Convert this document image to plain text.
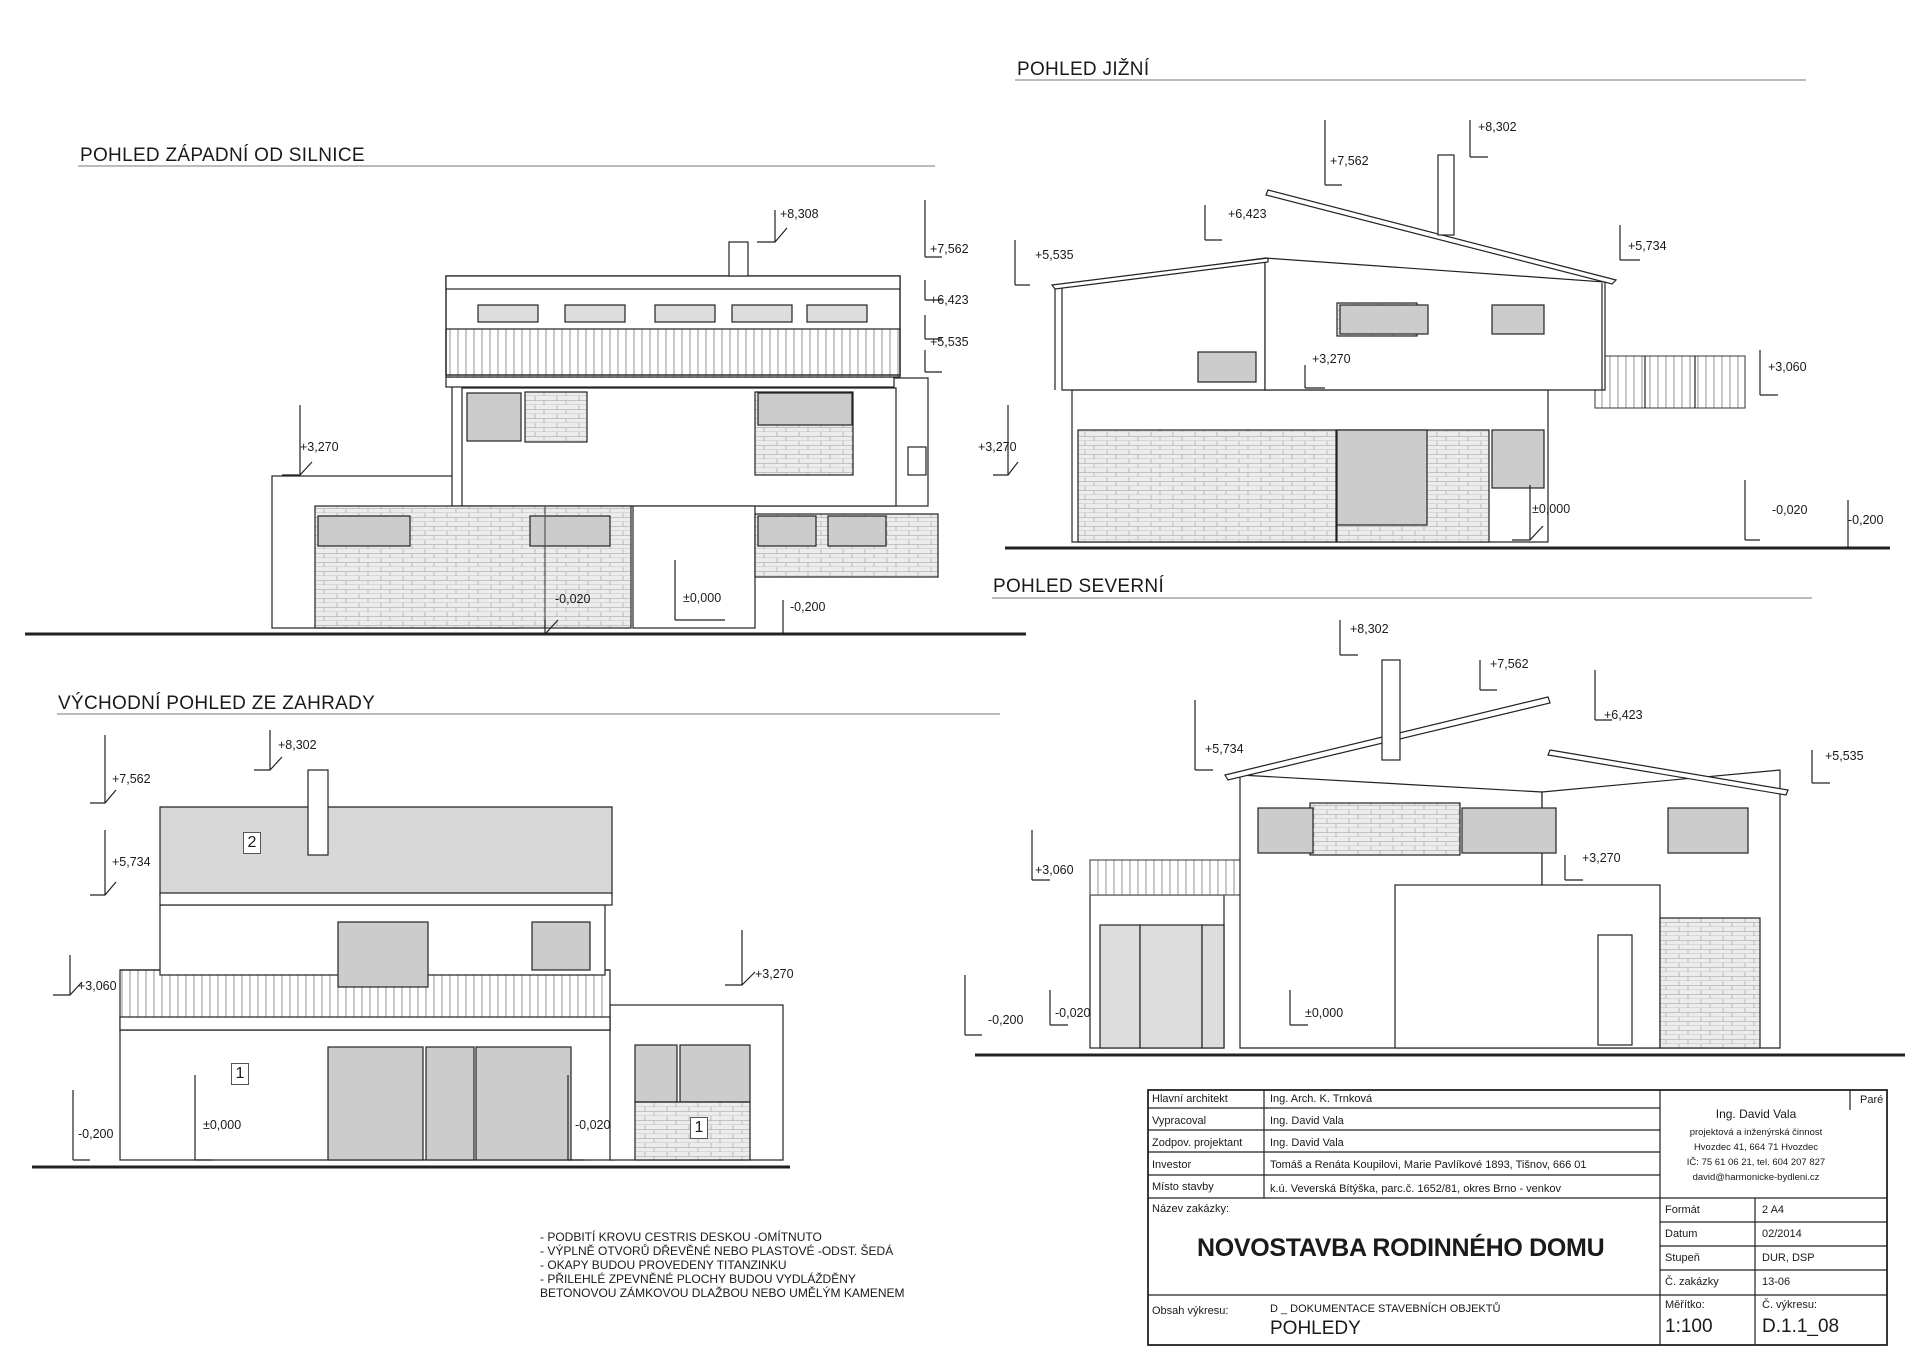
POHLED ZÁPADNÍ OD SILNICE
POHLED JIŽNÍ
POHLED SEVERNÍ
VÝCHODNÍ POHLED ZE ZAHRADY
+8,308
+7,562
+6,423
+5,535
+3,270	+3,270
-0,020	±0,000
-0,200
+8,302
+7,562
+6,423
+5,535
+5,734
+3,270
+3,060
±0,000	-0,020
-0,200
+8,302
+7,562
+6,423
+5,734	+5,535
+3,270
+3,060
-0,200	-0,020	±0,000
+8,302
+7,562
+5,734
+3,060
+3,270
-0,200
±0,000	-0,020
2
1
1
- PODBITÍ KROVU CESTRIS DESKOU -OMÍTNUTO
- VÝPLNĚ OTVORŮ DŘEVĚNÉ NEBO PLASTOVÉ -ODST. ŠEDÁ
- OKAPY BUDOU PROVEDENY TITANZINKU
- PŘILEHLÉ ZPEVNĚNÉ PLOCHY BUDOU VYDLÁŽDĚNY
BETONOVOU ZÁMKOVOU DLAŽBOU NEBO UMĚLÝM KAMENEM
Hlavní architekt	Ing. Arch. K. Trnková
Vypracoval	Ing. David Vala
Zodpov. projektant	Ing. David Vala
Investor	Tomáš a Renáta Koupilovi, Marie Pavlíkové 1893, Tišnov, 666 01
Místo stavby	k.ú. Veverská Bítýška, parc.č. 1652/81, okres Brno - venkov
Ing. David Vala
projektová a inženýrská činnost
Hvozdec 41, 664 71 Hvozdec
IČ: 75 61 06 21, tel. 604 207 827
david@harmonicke-bydleni.cz
Paré
Název zakázky:
NOVOSTAVBA RODINNÉHO DOMU
Formát	2 A4
Datum	02/2014
Stupeň	DUR, DSP
Č. zakázky	13-06
Obsah výkresu:	D _ DOKUMENTACE STAVEBNÍCH OBJEKTŮ
POHLEDY
Měřítko:
1:100
Č. výkresu:
D.1.1_08
